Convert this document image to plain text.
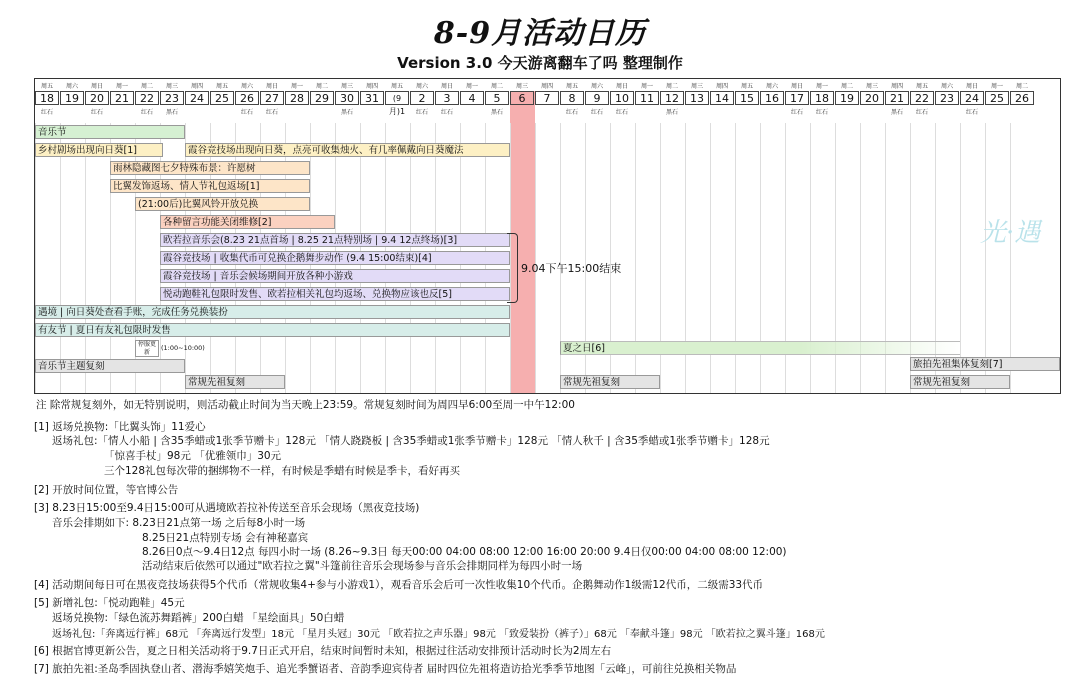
8-9月活动日历
Version 3.0 今天游离翻车了吗 整理制作
周五
18
红石
周六
19
周日
20
红石
周一
21
周二
22
红石
周三
23
黑石
周四
24
周五
25
周六
26
红石
周日
27
红石
周一
28
周二
29
周三
30
黑石
周四
31
周五
(9月)1
周六
2
红石
周日
3
红石
周一
4
周二
5
黑石
周三
6
周四
7
周五
8
红石
周六
9
红石
周日
10
红石
周一
11
周二
12
黑石
周三
13
周四
14
周五
15
周六
16
周日
17
红石
周一
18
红石
周二
19
周三
20
周四
21
黑石
周五
22
红石
周六
23
周日
24
红石
周一
25
周二
26
音乐节
乡村剧场出现向日葵[1]	霞谷竞技场出现向日葵，点亮可收集烛火、有几率佩戴向日葵魔法
雨林隐藏图七夕特殊布景：许愿树
比翼发饰返场、情人节礼包返场[1]
(21:00后)比翼风铃开放兑换
各种留言功能关闭维修[2]
欧若拉音乐会(8.23 21点首场 | 8.25 21点特别场 | 9.4 12点终场)[3]
霞谷竞技场 | 收集代币可兑换企鹅舞步动作 (9.4 15:00结束)[4]
霞谷竞技场 | 音乐会候场期间开放各种小游戏
悦动跑鞋礼包限时发售、欧若拉相关礼包均返场、兑换物应该也反[5]
9.04下午15:00结束
遇境 | 向日葵处查看手账，完成任务兑换装扮
有友节 | 夏日有友礼包限时发售
夏之日[6]
停服更新
(1:00~10:00)
音乐节主题复刻
常规先祖复刻	常规先祖复刻
旅拍先祖集体复刻[7]
常规先祖复刻
光·遇
注 除常规复刻外，如无特别说明，则活动截止时间为当天晚上23:59。常规复刻时间为周四早6:00至周一中午12:00
[1] 返场兑换物:「比翼头饰」11爱心
返场礼包:「情人小船 | 含35季蜡或1张季节赠卡」128元 「情人跷跷板 | 含35季蜡或1张季节赠卡」128元 「情人秋千 | 含35季蜡或1张季节赠卡」128元
「惊喜手杖」98元 「优雅领巾」30元
三个128礼包每次带的捆绑物不一样，有时候是季蜡有时候是季卡，看好再买
[2] 开放时间位置，等官博公告
[3] 8.23日15:00至9.4日15:00可从遇境欧若拉补传送至音乐会现场（黑夜竞技场)
音乐会排期如下: 8.23日21点第一场 之后每8小时一场
8.25日21点特别专场 会有神秘嘉宾
8.26日0点～9.4日12点 每四小时一场 (8.26~9.3日 每天00:00 04:00 08:00 12:00 16:00 20:00 9.4日仅00:00 04:00 08:00 12:00)
活动结束后依然可以通过"欧若拉之翼"斗篷前往音乐会现场参与音乐会排期同样为每四小时一场
[4] 活动期间每日可在黑夜竞技场获得5个代币（常规收集4+参与小游戏1），观看音乐会后可一次性收集10个代币。企鹅舞动作1级需12代币，二级需33代币
[5] 新增礼包:「悦动跑鞋」45元
返场兑换物:「绿色流苏舞蹈裤」200白蜡 「星绘面具」50白蜡
返场礼包:「奔离远行裤」68元 「奔离远行发型」18元 「星月头冠」30元 「欧若拉之声乐器」98元 「致爱装扮（裤子）」68元 「奉献斗篷」98元 「欧若拉之翼斗篷」168元
[6] 根据官博更新公告，夏之日相关活动将于9.7日正式开启，结束时间暂时未知，根据过往活动安排预计活动时长为2周左右
[7] 旅拍先祖:圣岛季固执登山者、潜海季嬉笑炮手、追光季蟹语者、音韵季迎宾侍者 届时四位先祖将造访拾光季季节地图「云峰」，可前往兑换相关物品
